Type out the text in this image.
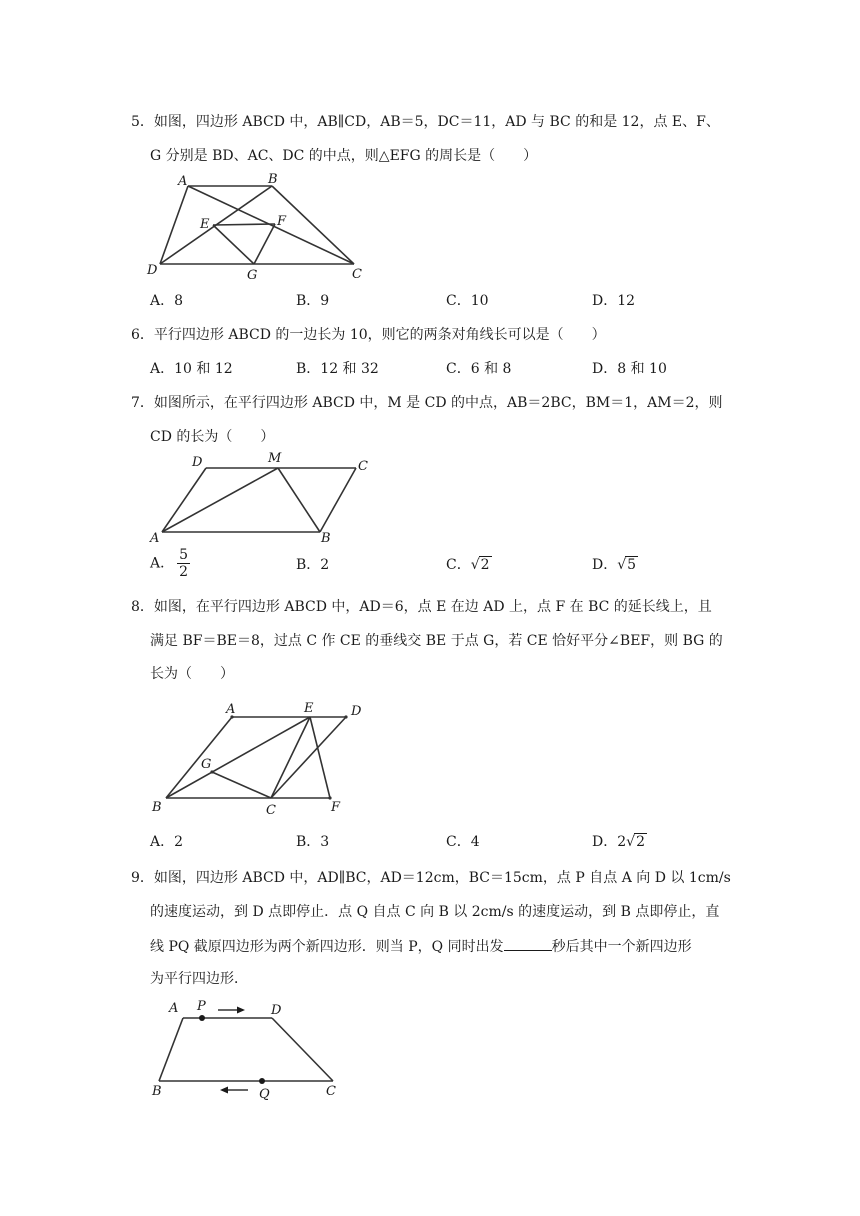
5．如图，四边形 ABCD 中，AB∥CD，AB＝5，DC＝11，AD 与 BC 的和是 12，点 E、F、
G 分别是 BD、AC、DC 的中点，则△EFG 的周长是（　　）
A	B
C
D
E	F
G
A．8	B．9	C．10	D．12
6．平行四边形 ABCD 的一边长为 10，则它的两条对角线长可以是（　　）
A．10 和 12	B．12 和 32	C．6 和 8	D．8 和 10
7．如图所示，在平行四边形 ABCD 中，M 是 CD 的中点，AB＝2BC，BM＝1，AM＝2，则
CD 的长为（　　）
D	M
C
A	B
A． $\frac{5}{2}$	B．2	C．√2	D．√5
8．如图，在平行四边形 ABCD 中，AD＝6，点 E 在边 AD 上，点 F 在 BC 的延长线上，且
满足 BF＝BE＝8，过点 C 作 CE 的垂线交 BE 于点 G，若 CE 恰好平分∠BEF，则 BG 的
长为（　　）
A	E	D
G
B	C	F
A．2	B．3	C．4	D．2√2
9．如图，四边形 ABCD 中，AD∥BC，AD＝12cm，BC＝15cm，点 P 自点 A 向 D 以 1cm/s
的速度运动，到 D 点即停止．点 Q 自点 C 向 B 以 2cm/s 的速度运动，到 B 点即停止，直
线 PQ 截原四边形为两个新四边形．则当 P，Q 同时出发	秒后其中一个新四边形
为平行四边形．
A P	D
B	Q	C
